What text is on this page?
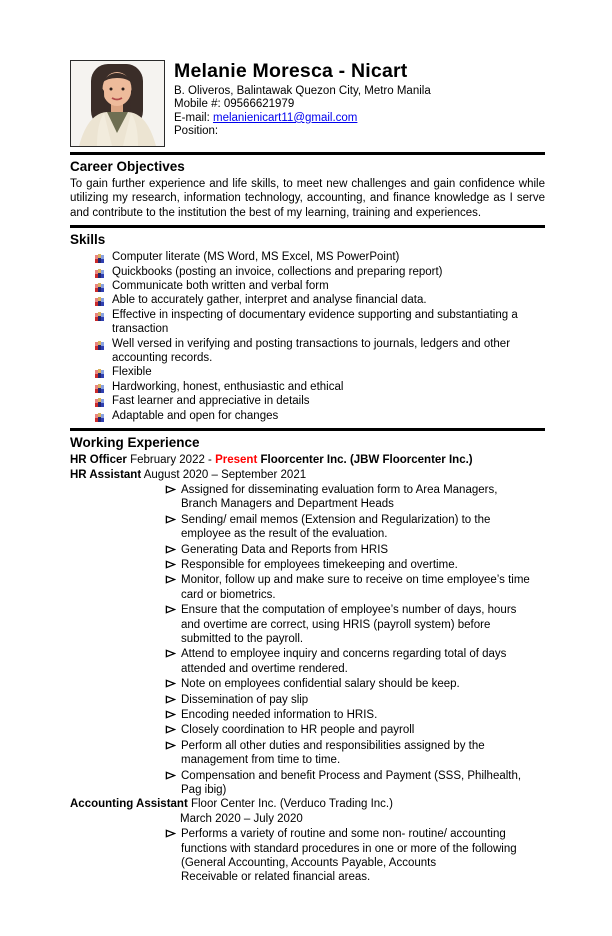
Melanie Moresca - Nicart
B. Oliveros, Balintawak Quezon City, Metro Manila
Mobile #: 09566621979
E-mail: melanienicart11@gmail.com
Position:
Career Objectives

To gain further experience and life skills, to meet new challenges and gain confidence while utilizing my research, information technology, accounting, and finance knowledge as I serve and contribute to the institution the best of my learning, training and experiences.

Skills
Computer literate (MS Word, MS Excel, MS PowerPoint)
Quickbooks (posting an invoice, collections and preparing report)
Communicate both written and verbal form
Able to accurately gather, interpret and analyse financial data.
Effective in inspecting of documentary evidence supporting and substantiating a transaction
Well versed in verifying and posting transactions to journals, ledgers and other accounting records.
Flexible
Hardworking, honest, enthusiastic and ethical
Fast learner and appreciative in details
Adaptable and open for changes
Working Experience

HR Officer February 2022 - Present Floorcenter Inc. (JBW Floorcenter Inc.)

HR Assistant August 2020 – September 2021

Assigned for disseminating evaluation form to Area Managers, Branch Managers and Department Heads
Sending/ email memos (Extension and Regularization) to the employee as the result of the evaluation.
Generating Data and Reports from HRIS
Responsible for employees timekeeping and overtime.
Monitor, follow up and make sure to receive on time employee’s time card or biometrics.
Ensure that the computation of employee’s number of days, hours and overtime are correct, using HRIS (payroll system) before submitted to the payroll.
Attend to employee inquiry and concerns regarding total of days attended and overtime rendered.
Note on employees confidential salary should be keep.
Dissemination of pay slip
Encoding needed information to HRIS.
Closely coordination to HR people and payroll
Perform all other duties and responsibilities assigned by the management from time to time.
Compensation and benefit Process and Payment (SSS, Philhealth, Pag ibig)

Accounting Assistant Floor Center Inc. (Verduco Trading Inc.)

March 2020 – July 2020

Performs a variety of routine and some non- routine/ accounting functions with standard procedures in one or more of the following (General Accounting, Accounts Payable, Accounts
Receivable or related financial areas.
